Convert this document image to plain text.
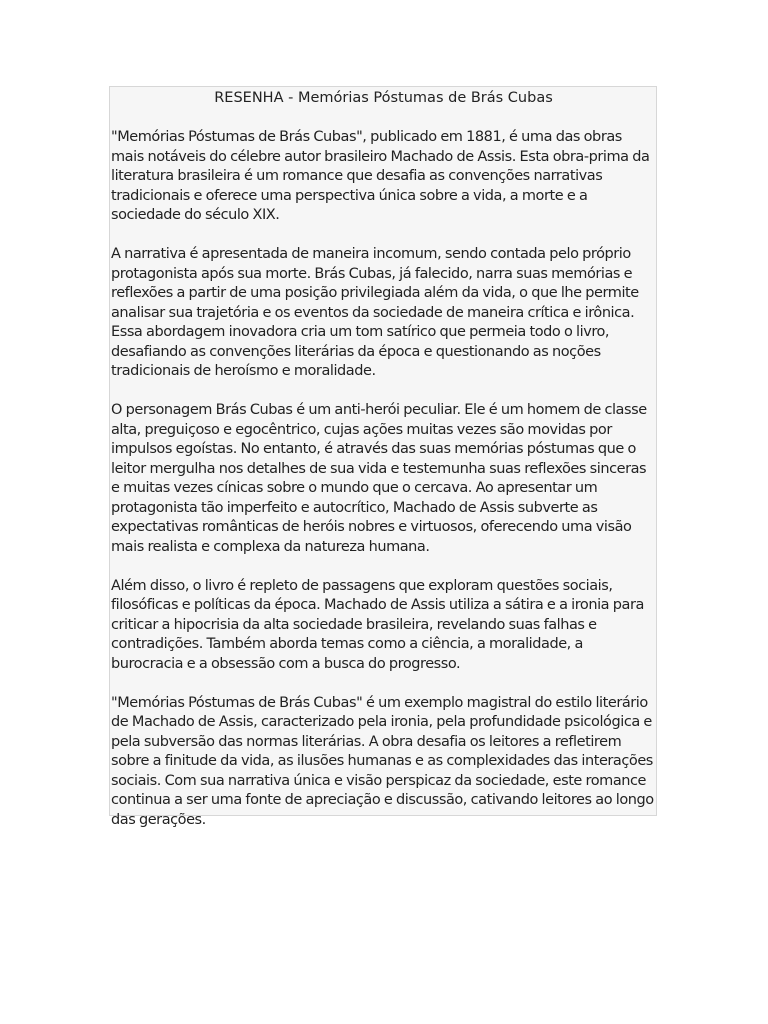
RESENHA - Memórias Póstumas de Brás Cubas

"Memórias Póstumas de Brás Cubas", publicado em 1881, é uma das obras mais notáveis do célebre autor brasileiro Machado de Assis. Esta obra-prima da literatura brasileira é um romance que desafia as convenções narrativas tradicionais e oferece uma perspectiva única sobre a vida, a morte e a sociedade do século XIX.

A narrativa é apresentada de maneira incomum, sendo contada pelo próprio protagonista após sua morte. Brás Cubas, já falecido, narra suas memórias e reflexões a partir de uma posição privilegiada além da vida, o que lhe permite analisar sua trajetória e os eventos da sociedade de maneira crítica e irônica. Essa abordagem inovadora cria um tom satírico que permeia todo o livro, desafiando as convenções literárias da época e questionando as noções tradicionais de heroísmo e moralidade.

O personagem Brás Cubas é um anti-herói peculiar. Ele é um homem de classe alta, preguiçoso e egocêntrico, cujas ações muitas vezes são movidas por impulsos egoístas. No entanto, é através das suas memórias póstumas que o leitor mergulha nos detalhes de sua vida e testemunha suas reflexões sinceras e muitas vezes cínicas sobre o mundo que o cercava. Ao apresentar um protagonista tão imperfeito e autocrítico, Machado de Assis subverte as expectativas românticas de heróis nobres e virtuosos, oferecendo uma visão mais realista e complexa da natureza humana.

Além disso, o livro é repleto de passagens que exploram questões sociais, filosóficas e políticas da época. Machado de Assis utiliza a sátira e a ironia para criticar a hipocrisia da alta sociedade brasileira, revelando suas falhas e contradições. Também aborda temas como a ciência, a moralidade, a burocracia e a obsessão com a busca do progresso.

"Memórias Póstumas de Brás Cubas" é um exemplo magistral do estilo literário de Machado de Assis, caracterizado pela ironia, pela profundidade psicológica e pela subversão das normas literárias. A obra desafia os leitores a refletirem sobre a finitude da vida, as ilusões humanas e as complexidades das interações sociais. Com sua narrativa única e visão perspicaz da sociedade, este romance continua a ser uma fonte de apreciação e discussão, cativando leitores ao longo das gerações.
